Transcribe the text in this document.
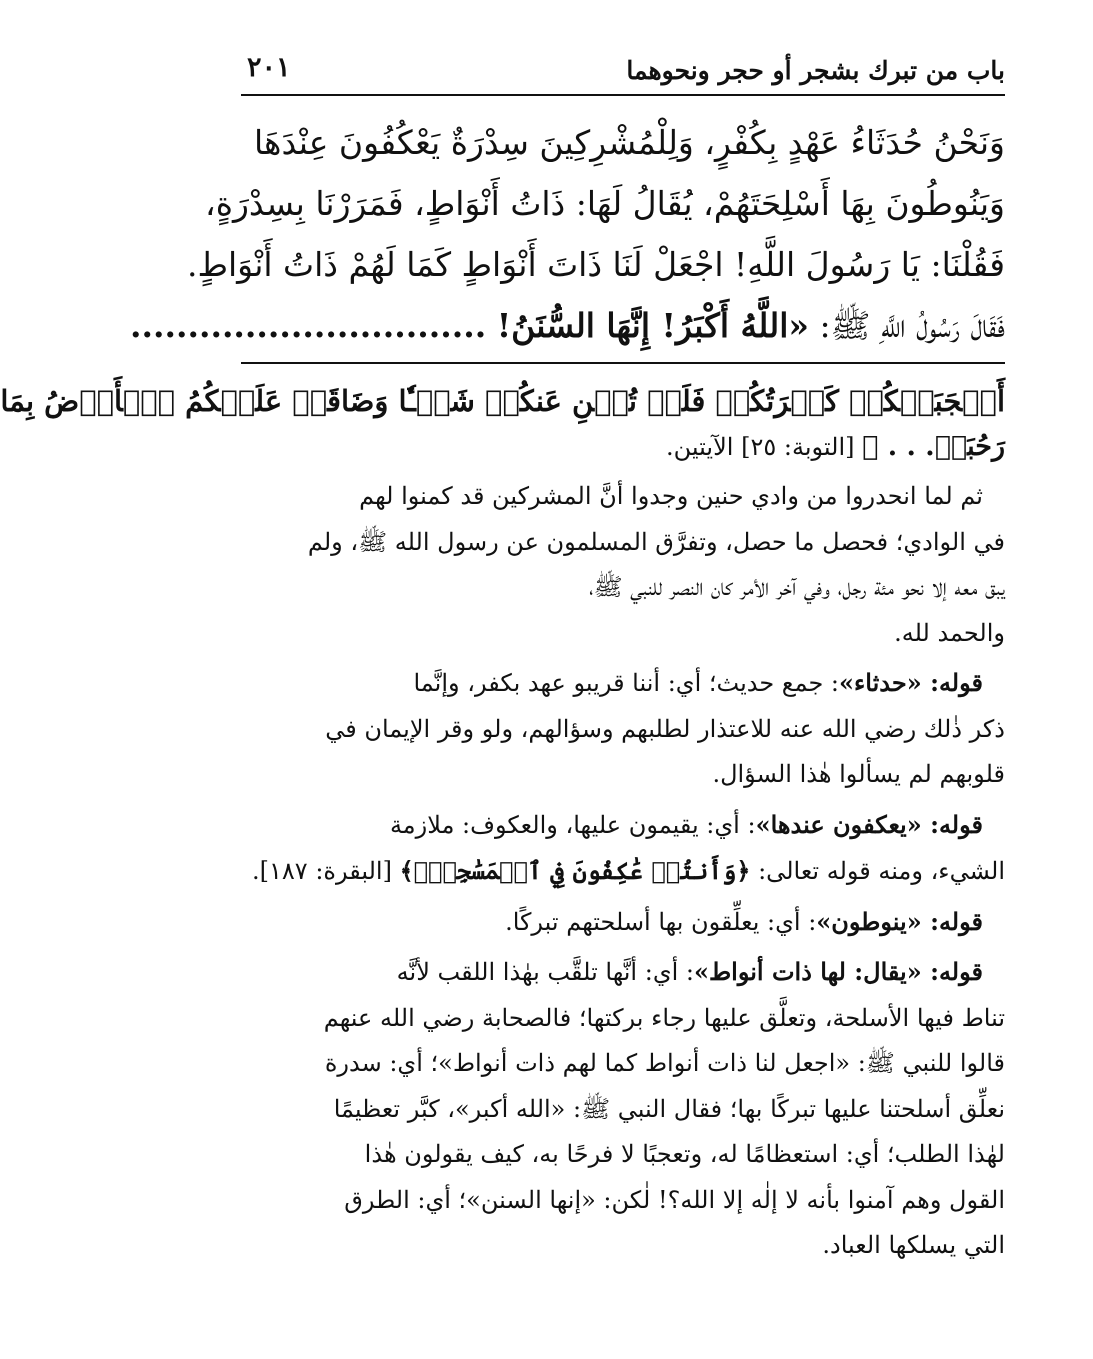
باب من تبرك بشجر أو حجر ونحوهما
٢٠١
وَنَحْنُ حُدَثَاءُ عَهْدٍ بِكُفْرٍ، وَلِلْمُشْرِكِينَ سِدْرَةٌ يَعْكُفُونَ عِنْدَهَا
وَيَنُوطُونَ بِهَا أَسْلِحَتَهُمْ، يُقَالُ لَهَا: ذَاتُ أَنْوَاطٍ، فَمَرَرْنَا بِسِدْرَةٍ،
فَقُلْنَا: يَا رَسُولَ اللَّهِ! اجْعَلْ لَنَا ذَاتَ أَنْوَاطٍ كَمَا لَهُمْ ذَاتُ أَنْوَاطٍ.
فَقَالَ رَسُولُ اللَّهِ ﷺ: «اللَّهُ أَكْبَرُ! إِنَّهَا السُّنَنُ! ...............................
أَعۡجَبَتۡكُمۡ كَثۡرَتُكُمۡ فَلَمۡ تُغۡنِ عَنكُمۡ شَيۡـٔٗا وَضَاقَتۡ عَلَيۡكُمُ ٱلۡأَرۡضُ بِمَا
رَحُبَتۡ. . . ﴾ [التوبة: ٢٥] الآيتين.

ثم لما انحدروا من وادي حنين وجدوا أنَّ المشركين قد كمنوا لهم
في الوادي؛ فحصل ما حصل، وتفرَّق المسلمون عن رسول الله ﷺ، ولم
يبق معه إلا نحو مئة رجل، وفي آخر الأمر كان النصر للنبي ﷺ،
والحمد لله.

قوله: «حدثاء»: جمع حديث؛ أي: أننا قريبو عهد بكفر، وإنَّما
ذكر ذٰلك رضي الله عنه للاعتذار لطلبهم وسؤالهم، ولو وقر الإيمان في
قلوبهم لم يسألوا هٰذا السؤال.

قوله: «يعكفون عندها»: أي: يقيمون عليها، والعكوف: ملازمة
الشيء، ومنه قوله تعالى: ﴿وَأَنتُمۡ عَٰكِفُونَ فِي ٱلۡمَسَٰجِدِۗ﴾ [البقرة: ١٨٧].

قوله: «ينوطون»: أي: يعلِّقون بها أسلحتهم تبركًا.

قوله: «يقال: لها ذات أنواط»: أي: أنَّها تلقَّب بهٰذا اللقب لأنَّه
تناط فيها الأسلحة، وتعلَّق عليها رجاء بركتها؛ فالصحابة رضي الله عنهم
قالوا للنبي ﷺ: «اجعل لنا ذات أنواط كما لهم ذات أنواط»؛ أي: سدرة
نعلِّق أسلحتنا عليها تبركًا بها؛ فقال النبي ﷺ: «الله أكبر»، كبَّر تعظيمًا
لهٰذا الطلب؛ أي: استعظامًا له، وتعجبًا لا فرحًا به، كيف يقولون هٰذا
القول وهم آمنوا بأنه لا إلٰه إلا الله؟! لٰكن: «إنها السنن»؛ أي: الطرق
التي يسلكها العباد.
